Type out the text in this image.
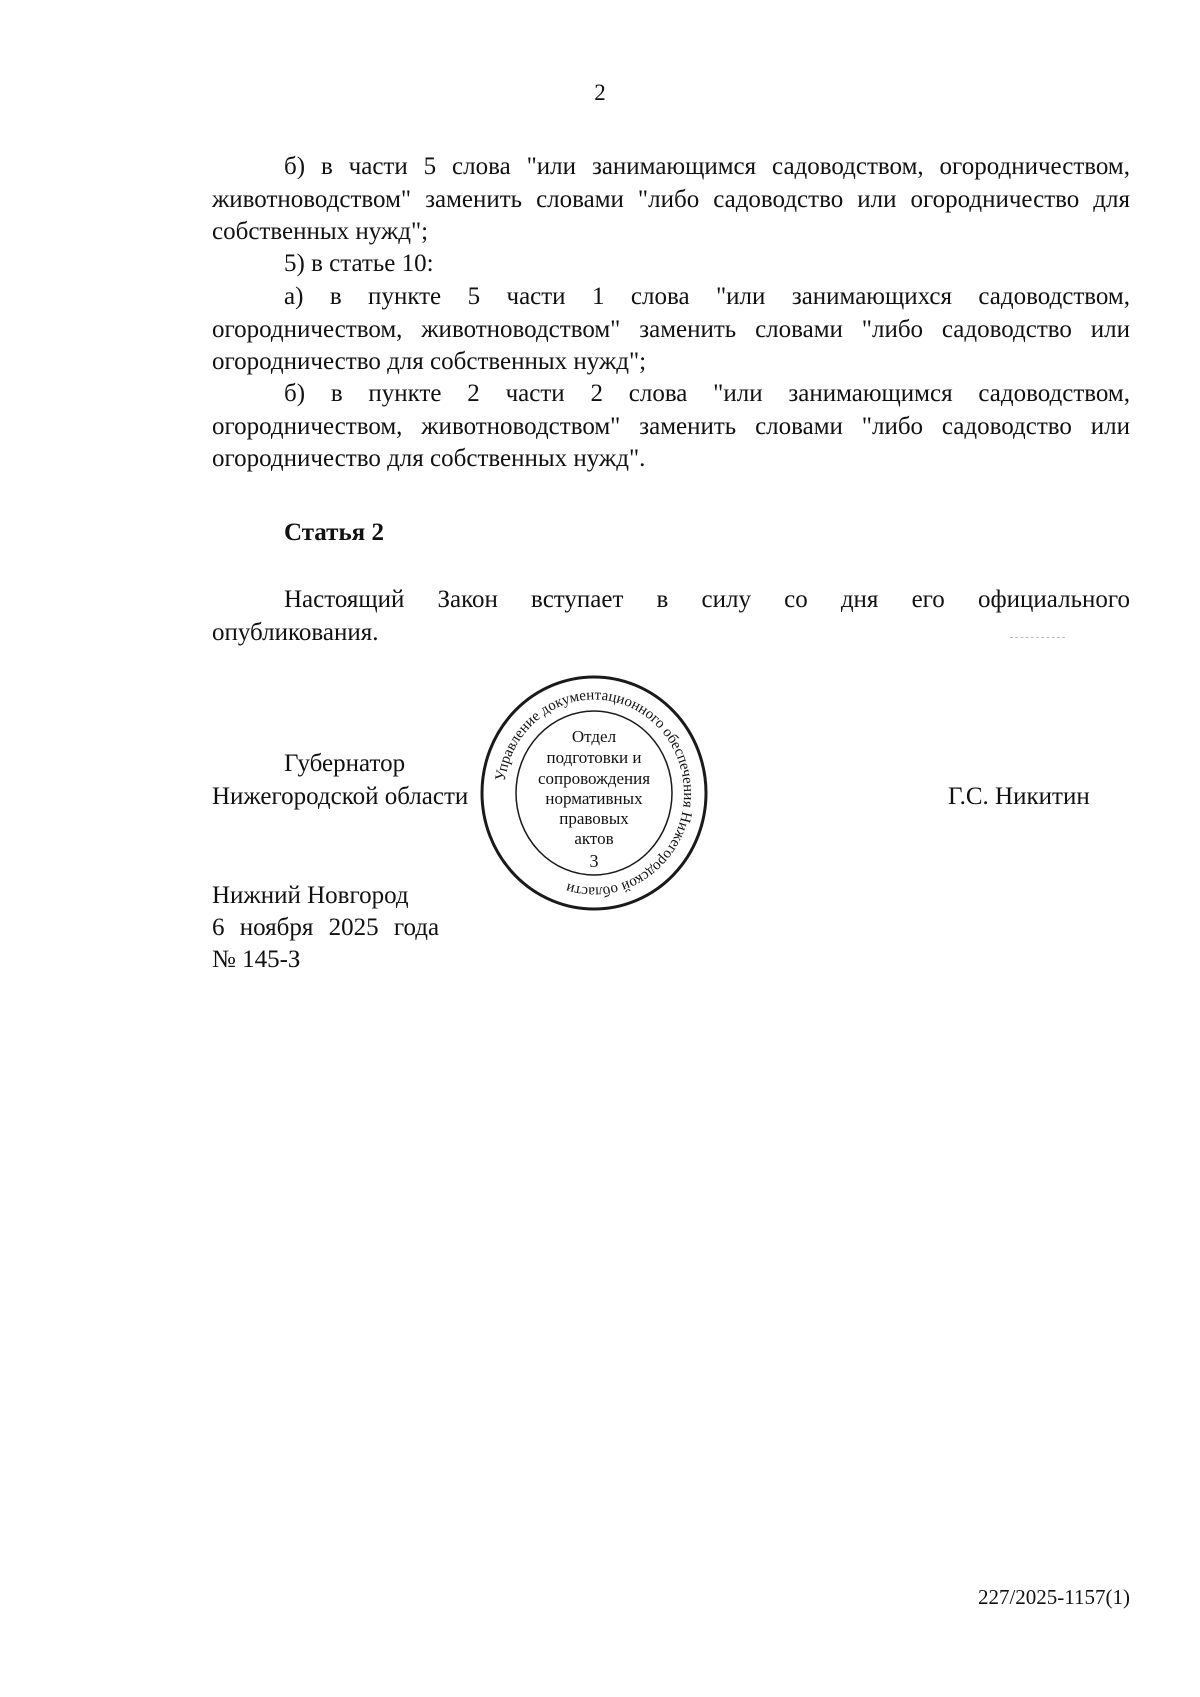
2

б) в части 5 слова "или занимающимся садоводством, огородничеством, животноводством" заменить словами "либо садоводство или огородничество для собственных нужд";

5) в статье 10:

а) в пункте 5 части 1 слова "или занимающихся садоводством, огородничеством, животноводством" заменить словами "либо садоводство или огородничество для собственных нужд";

б) в пункте 2 части 2 слова "или занимающимся садоводством, огородничеством, животноводством" заменить словами "либо садоводство или огородничество для собственных нужд".

Статья 2

Настоящий Закон вступает в силу со дня его официального опубликования.

Губернатор
Нижегородской области	Г.С. Никитин
Управление документационного обеспечения Нижегородской области
Отдел
подготовки и
сопровождения
нормативных
правовых
актов
3
Нижний Новгород
6 ноября 2025 года
№ 145-З
227/2025-1157(1)
